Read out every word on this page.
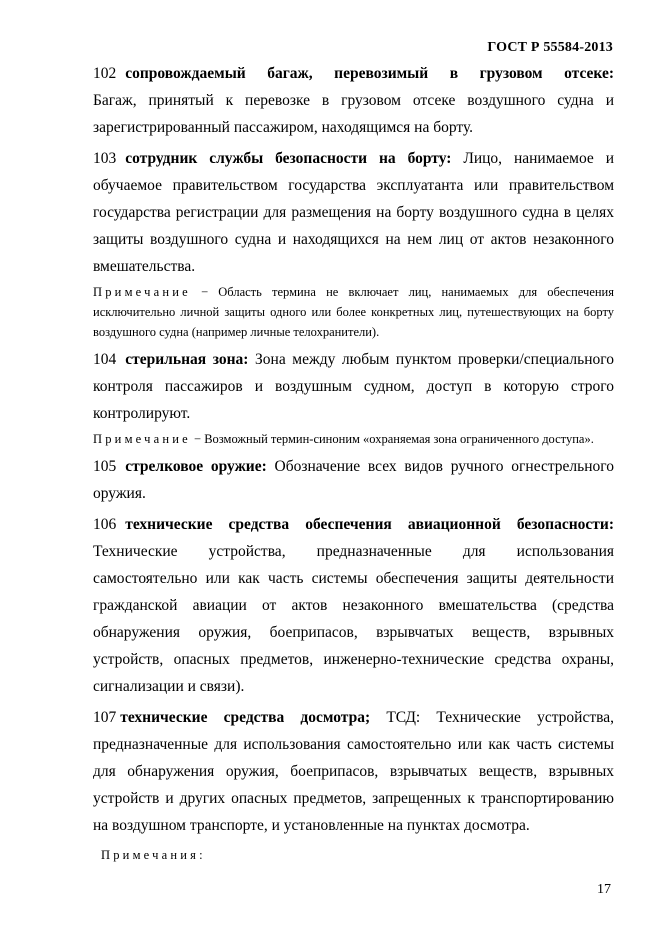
ГОСТ Р 55584-2013

102 сопровождаемый багаж, перевозимый в грузовом отсеке:

Багаж, принятый к перевозке в грузовом отсеке воздушного судна и

зарегистрированный пассажиром, находящимся на борту.

103 сотрудник службы безопасности на борту: Лицо, нанимаемое и обучаемое правительством государства эксплуатанта или правительством государства регистрации для размещения на борту воздушного судна в целях защиты воздушного судна и находящихся на нем лиц от актов незаконного вмешательства.

Примечание − Область термина не включает лиц, нанимаемых для обеспечения исключительно личной защиты одного или более конкретных лиц, путешествующих на борту воздушного судна (например личные телохранители).

104 стерильная зона: Зона между любым пунктом проверки/специального контроля пассажиров и воздушным судном, доступ в которую строго контролируют.

Примечание − Возможный термин-синоним «охраняемая зона ограниченного доступа».

105 стрелковое оружие: Обозначение всех видов ручного огнестрельного оружия.

106 технические средства обеспечения авиационной безопасности:

Технические устройства, предназначенные для использования

самостоятельно или как часть системы обеспечения защиты деятельности гражданской авиации от актов незаконного вмешательства (средства обнаружения оружия, боеприпасов, взрывчатых веществ, взрывных устройств, опасных предметов, инженерно-технические средства охраны, сигнализации и связи).

107 технические средства досмотра; ТСД: Технические устройства, предназначенные для использования самостоятельно или как часть системы для обнаружения оружия, боеприпасов, взрывчатых веществ, взрывных устройств и других опасных предметов, запрещенных к транспортированию на воздушном транспорте, и установленные на пунктах досмотра.

Примечания:

17
